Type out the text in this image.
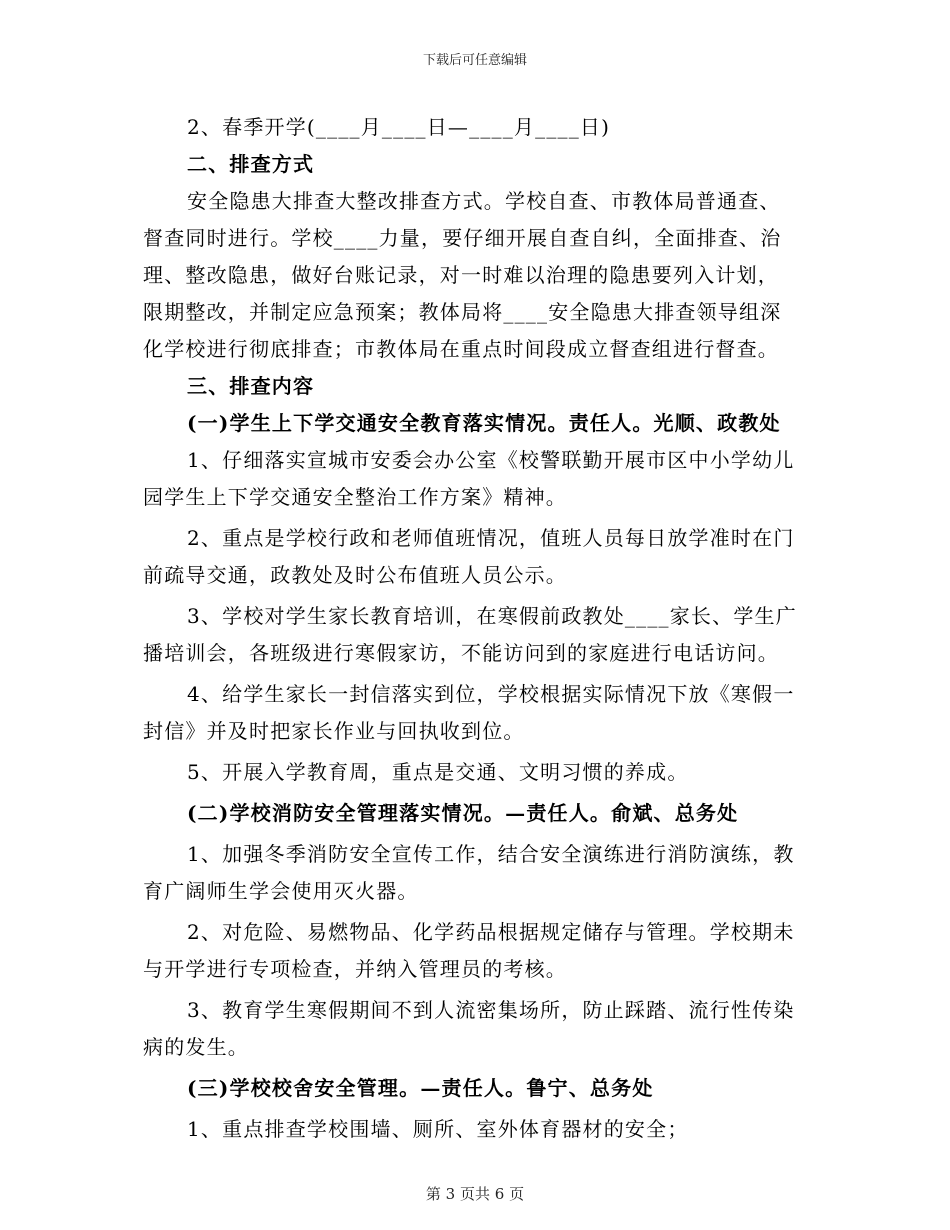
下载后可任意编辑
2、春季开学(____月____日—____月____日)
二、排查方式
安全隐患大排查大整改排查方式。学校自查、市教体局普通查、
督查同时进行。学校____力量，要仔细开展自查自纠，全面排查、治
理、整改隐患，做好台账记录，对一时难以治理的隐患要列入计划，
限期整改，并制定应急预案；教体局将____安全隐患大排查领导组深
化学校进行彻底排查；市教体局在重点时间段成立督查组进行督查。
三、排查内容
(一)学生上下学交通安全教育落实情况。责任人。光顺、政教处
1、仔细落实宣城市安委会办公室《校警联勤开展市区中小学幼儿
园学生上下学交通安全整治工作方案》精神。
2、重点是学校行政和老师值班情况，值班人员每日放学准时在门
前疏导交通，政教处及时公布值班人员公示。
3、学校对学生家长教育培训，在寒假前政教处____家长、学生广
播培训会，各班级进行寒假家访，不能访问到的家庭进行电话访问。
4、给学生家长一封信落实到位，学校根据实际情况下放《寒假一
封信》并及时把家长作业与回执收到位。
5、开展入学教育周，重点是交通、文明习惯的养成。
(二)学校消防安全管理落实情况。—责任人。俞斌、总务处
1、加强冬季消防安全宣传工作，结合安全演练进行消防演练，教
育广阔师生学会使用灭火器。
2、对危险、易燃物品、化学药品根据规定储存与管理。学校期未
与开学进行专项检查，并纳入管理员的考核。
3、教育学生寒假期间不到人流密集场所，防止踩踏、流行性传染
病的发生。
(三)学校校舍安全管理。—责任人。鲁宁、总务处
1、重点排查学校围墙、厕所、室外体育器材的安全；
第 3 页共 6 页
